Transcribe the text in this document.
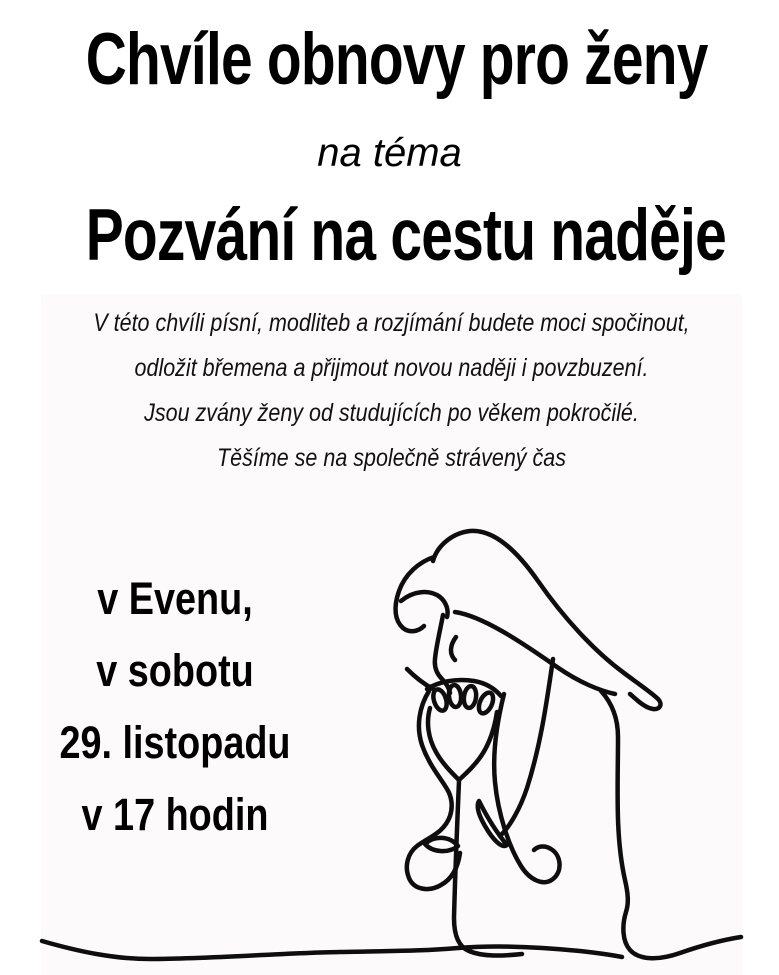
Chvíle obnovy pro ženy
na téma
Pozvání na cestu naděje
V této chvíli písní, modliteb a rozjímání budete moci spočinout,
odložit břemena a přijmout novou naději i povzbuzení.
Jsou zvány ženy od studujících po věkem pokročilé.
Těšíme se na společně strávený čas
v Evenu,
v sobotu
29. listopadu
v 17 hodin
